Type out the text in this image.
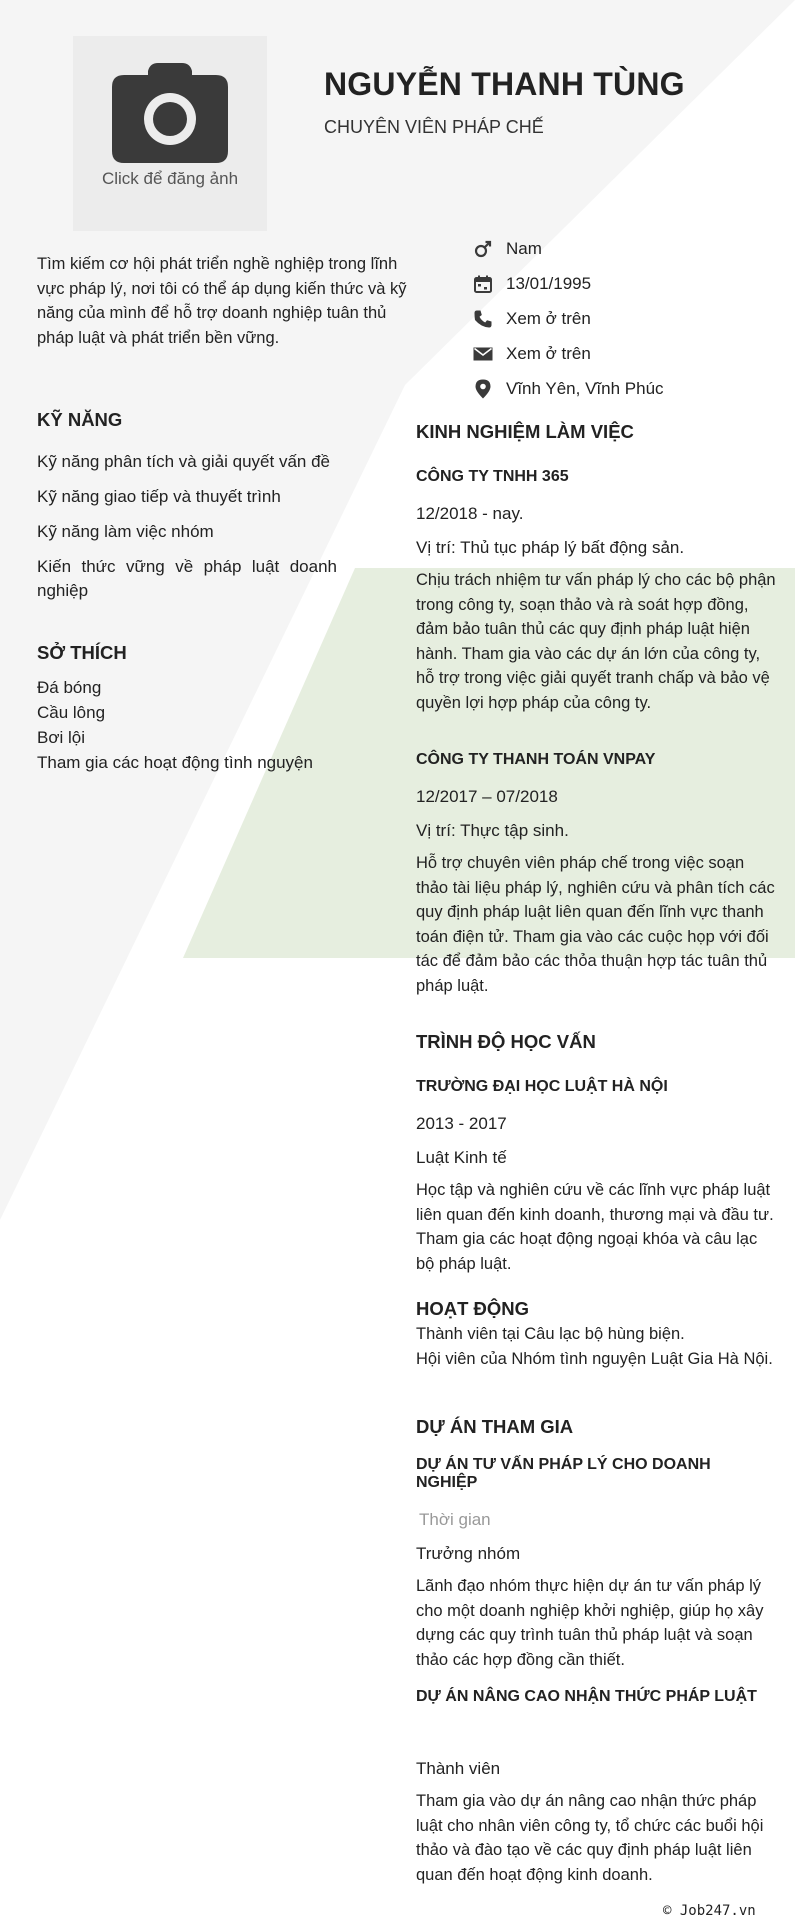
Click để đăng ảnh
NGUYỄN THANH TÙNG
CHUYÊN VIÊN PHÁP CHẾ
Tìm kiếm cơ hội phát triển nghề nghiệp trong lĩnh vực pháp lý, nơi tôi có thể áp dụng kiến thức và kỹ năng của mình để hỗ trợ doanh nghiệp tuân thủ pháp luật và phát triển bền vững.
Nam
13/01/1995
Xem ở trên
Xem ở trên
Vĩnh Yên, Vĩnh Phúc
KỸ NĂNG
Kỹ năng phân tích và giải quyết vấn đề
Kỹ năng giao tiếp và thuyết trình
Kỹ năng làm việc nhóm
Kiến thức vững về pháp luật doanh nghiệp
SỞ THÍCH
Đá bóng
Cầu lông
Bơi lội
Tham gia các hoạt động tình nguyện
KINH NGHIỆM LÀM VIỆC

CÔNG TY TNHH 365

12/2018 - nay.

Vị trí: Thủ tục pháp lý bất động sản.

Chịu trách nhiệm tư vấn pháp lý cho các bộ phận trong công ty, soạn thảo và rà soát hợp đồng, đảm bảo tuân thủ các quy định pháp luật hiện hành. Tham gia vào các dự án lớn của công ty, hỗ trợ trong việc giải quyết tranh chấp và bảo vệ quyền lợi hợp pháp của công ty.

CÔNG TY THANH TOÁN VNPAY

12/2017 – 07/2018

Vị trí: Thực tập sinh.

Hỗ trợ chuyên viên pháp chế trong việc soạn thảo tài liệu pháp lý, nghiên cứu và phân tích các quy định pháp luật liên quan đến lĩnh vực thanh toán điện tử. Tham gia vào các cuộc họp với đối tác để đảm bảo các thỏa thuận hợp tác tuân thủ pháp luật.

TRÌNH ĐỘ HỌC VẤN

TRƯỜNG ĐẠI HỌC LUẬT HÀ NỘI

2013 - 2017

Luật Kinh tế

Học tập và nghiên cứu về các lĩnh vực pháp luật liên quan đến kinh doanh, thương mại và đầu tư. Tham gia các hoạt động ngoại khóa và câu lạc bộ pháp luật.

HOẠT ĐỘNG

Thành viên tại Câu lạc bộ hùng biện.

Hội viên của Nhóm tình nguyện Luật Gia Hà Nội.

DỰ ÁN THAM GIA

DỰ ÁN TƯ VẤN PHÁP LÝ CHO DOANH NGHIỆP

Thời gian

Trưởng nhóm

Lãnh đạo nhóm thực hiện dự án tư vấn pháp lý cho một doanh nghiệp khởi nghiệp, giúp họ xây dựng các quy trình tuân thủ pháp luật và soạn thảo các hợp đồng cần thiết.

DỰ ÁN NÂNG CAO NHẬN THỨC PHÁP LUẬT

Thành viên

Tham gia vào dự án nâng cao nhận thức pháp luật cho nhân viên công ty, tổ chức các buổi hội thảo và đào tạo về các quy định pháp luật liên quan đến hoạt động kinh doanh.

© Job247.vn
